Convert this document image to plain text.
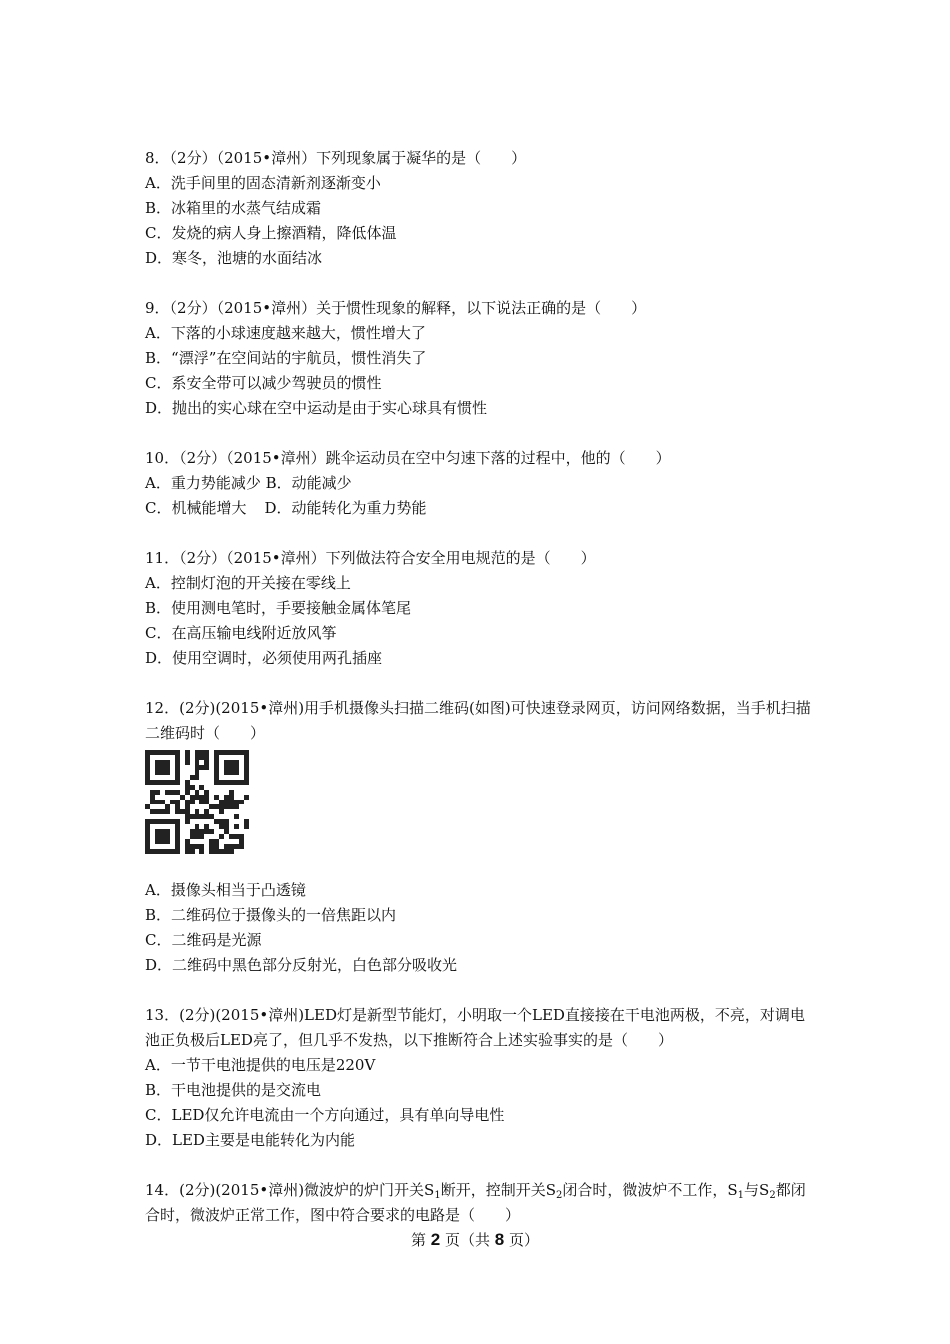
8．（2分）（2015•漳州）下列现象属于凝华的是（　　）
A．洗手间里的固态清新剂逐渐变小
B．冰箱里的水蒸气结成霜
C．发烧的病人身上擦酒精，降低体温
D．寒冬，池塘的水面结冰
9．（2分）（2015•漳州）关于惯性现象的解释，以下说法正确的是（　　）
A．下落的小球速度越来越大，惯性增大了
B．“漂浮”在空间站的宇航员，惯性消失了
C．系安全带可以减少驾驶员的惯性
D．抛出的实心球在空中运动是由于实心球具有惯性
10．（2分）（2015•漳州）跳伞运动员在空中匀速下落的过程中，他的（　　）
A．重力势能减少 B．动能减少
C．机械能增大 D．动能转化为重力势能
11．（2分）（2015•漳州）下列做法符合安全用电规范的是（　　）
A．控制灯泡的开关接在零线上
B．使用测电笔时，手要接触金属体笔尾
C．在高压输电线附近放风筝
D．使用空调时，必须使用两孔插座
12．(2分)(2015•漳州)用手机摄像头扫描二维码(如图)可快速登录网页，访问网络数据，当手机扫描二维码时（　　）
A．摄像头相当于凸透镜
B．二维码位于摄像头的一倍焦距以内
C．二维码是光源
D．二维码中黑色部分反射光，白色部分吸收光
13．(2分)(2015•漳州)LED灯是新型节能灯，小明取一个LED直接接在干电池两极，不亮，对调电池正负极后LED亮了，但几乎不发热，以下推断符合上述实验事实的是（　　）
A．一节干电池提供的电压是220V
B．干电池提供的是交流电
C．LED仅允许电流由一个方向通过，具有单向导电性
D．LED主要是电能转化为内能
14．(2分)(2015•漳州)微波炉的炉门开关$S_1$断开，控制开关$S_2$闭合时，微波炉不工作，$S_1$与$S_2$都闭合时，微波炉正常工作，图中符合要求的电路是（　　）
第 2 页（共 8 页）
